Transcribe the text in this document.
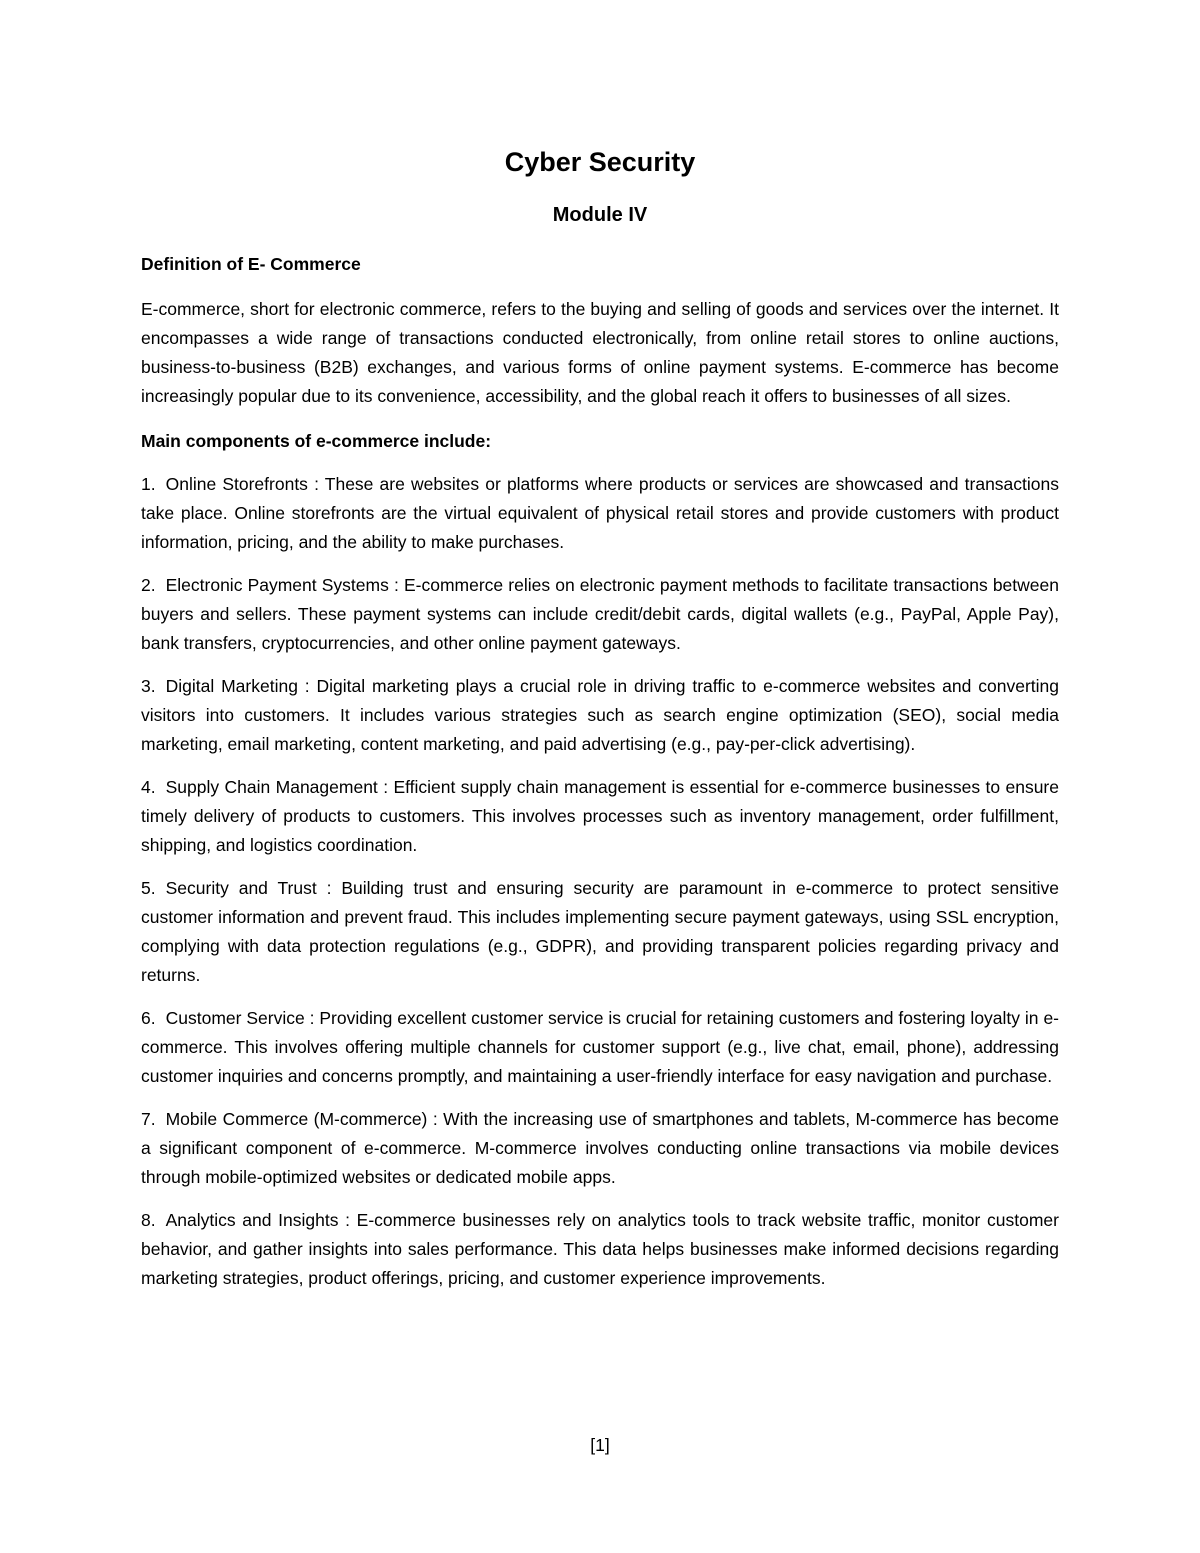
Cyber Security
Module IV

Definition of E- Commerce

E-commerce, short for electronic commerce, refers to the buying and selling of goods and services over the internet. It encompasses a wide range of transactions conducted electronically, from online retail stores to online auctions, business-to-business (B2B) exchanges, and various forms of online payment systems. E-commerce has become increasingly popular due to its convenience, accessibility, and the global reach it offers to businesses of all sizes.

Main components of e-commerce include:

1. Online Storefronts : These are websites or platforms where products or services are showcased and transactions take place. Online storefronts are the virtual equivalent of physical retail stores and provide customers with product information, pricing, and the ability to make purchases.

2. Electronic Payment Systems : E-commerce relies on electronic payment methods to facilitate transactions between buyers and sellers. These payment systems can include credit/debit cards, digital wallets (e.g., PayPal, Apple Pay), bank transfers, cryptocurrencies, and other online payment gateways.

3. Digital Marketing : Digital marketing plays a crucial role in driving traffic to e-commerce websites and converting visitors into customers. It includes various strategies such as search engine optimization (SEO), social media marketing, email marketing, content marketing, and paid advertising (e.g., pay-per-click advertising).

4. Supply Chain Management : Efficient supply chain management is essential for e-commerce businesses to ensure timely delivery of products to customers. This involves processes such as inventory management, order fulfillment, shipping, and logistics coordination.

5. Security and Trust : Building trust and ensuring security are paramount in e-commerce to protect sensitive customer information and prevent fraud. This includes implementing secure payment gateways, using SSL encryption, complying with data protection regulations (e.g., GDPR), and providing transparent policies regarding privacy and returns.

6. Customer Service : Providing excellent customer service is crucial for retaining customers and fostering loyalty in e-commerce. This involves offering multiple channels for customer support (e.g., live chat, email, phone), addressing customer inquiries and concerns promptly, and maintaining a user-friendly interface for easy navigation and purchase.

7. Mobile Commerce (M-commerce) : With the increasing use of smartphones and tablets, M-commerce has become a significant component of e-commerce. M-commerce involves conducting online transactions via mobile devices through mobile-optimized websites or dedicated mobile apps.

8. Analytics and Insights : E-commerce businesses rely on analytics tools to track website traffic, monitor customer behavior, and gather insights into sales performance. This data helps businesses make informed decisions regarding marketing strategies, product offerings, pricing, and customer experience improvements.

[1]
